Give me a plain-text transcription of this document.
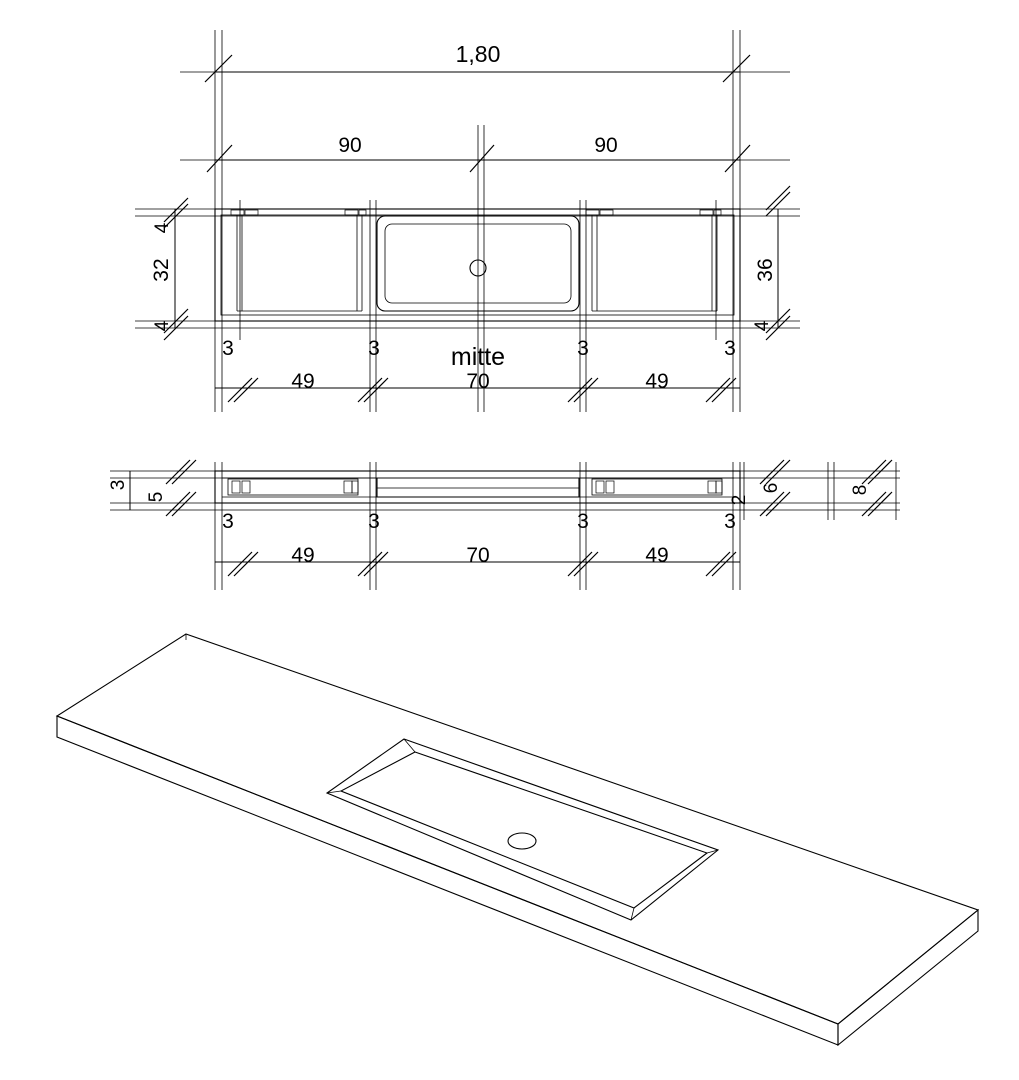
1,80
90	90
4
32
4
36
4
3	3	3	3
mitte
49	70	49
3
5	2
6	8
3	3	3	3
49	70	49
